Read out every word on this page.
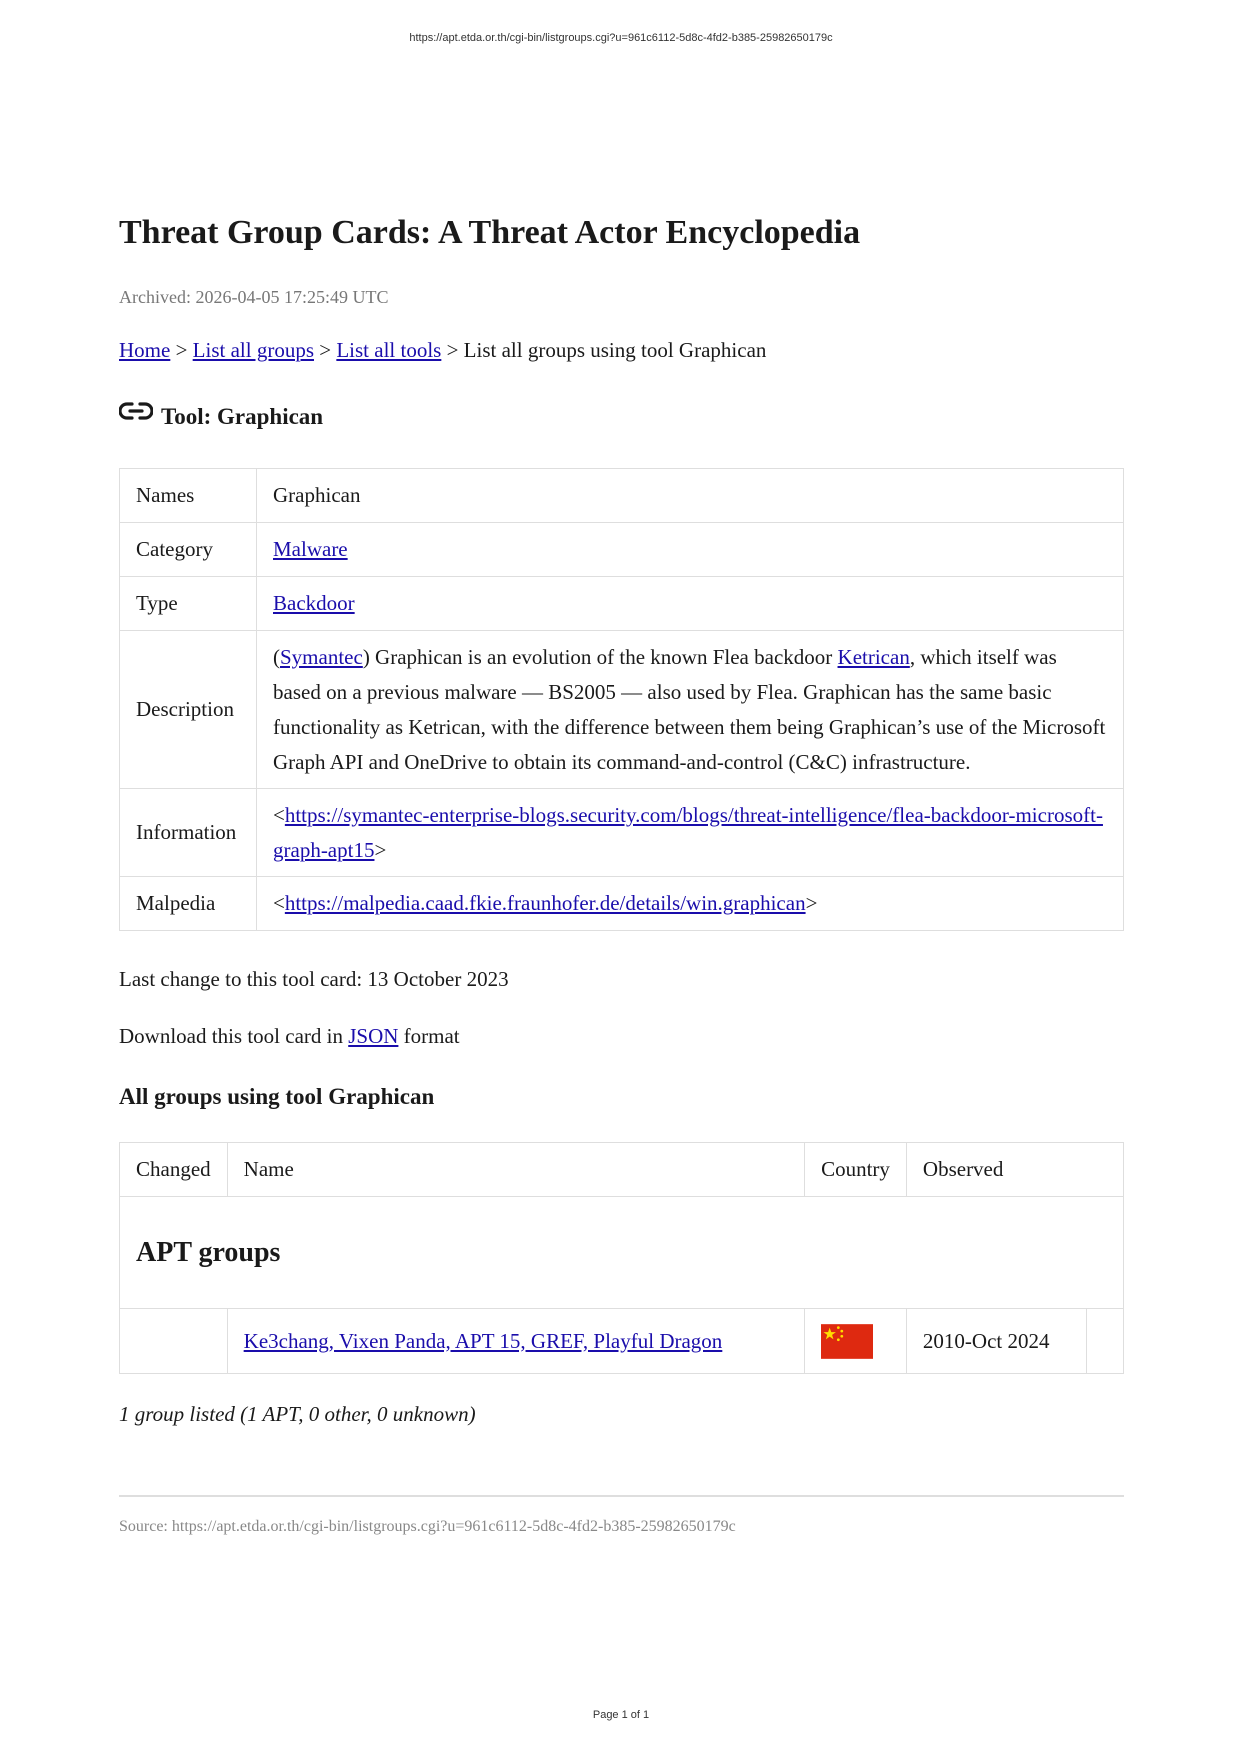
https://apt.etda.or.th/cgi-bin/listgroups.cgi?u=961c6112-5d8c-4fd2-b385-25982650179c
Threat Group Cards: A Threat Actor Encyclopedia
Archived: 2026-04-05 17:25:49 UTC
Home > List all groups > List all tools > List all groups using tool Graphican
Tool: Graphican
Names	Graphican
Category	Malware
Type	Backdoor
Description	(Symantec) Graphican is an evolution of the known Flea backdoor Ketrican, which itself was based on a previous malware — BS2005 — also used by Flea. Graphican has the same basic functionality as Ketrican, with the difference between them being Graphican’s use of the Microsoft Graph API and OneDrive to obtain its command-and-control (C&C) infrastructure.
Information	<https://symantec-enterprise-blogs.security.com/blogs/threat-intelligence/flea-backdoor-microsoft-graph-apt15>
Malpedia	<https://malpedia.caad.fkie.fraunhofer.de/details/win.graphican>
Last change to this tool card: 13 October 2023
Download this tool card in JSON format
All groups using tool Graphican
Changed	Name	Country	Observed	
APT groups				
	Ke3chang, Vixen Panda, APT 15, GREF, Playful Dragon		2010-Oct 2024	
1 group listed (1 APT, 0 other, 0 unknown)
Source: https://apt.etda.or.th/cgi-bin/listgroups.cgi?u=961c6112-5d8c-4fd2-b385-25982650179c
Page 1 of 1
